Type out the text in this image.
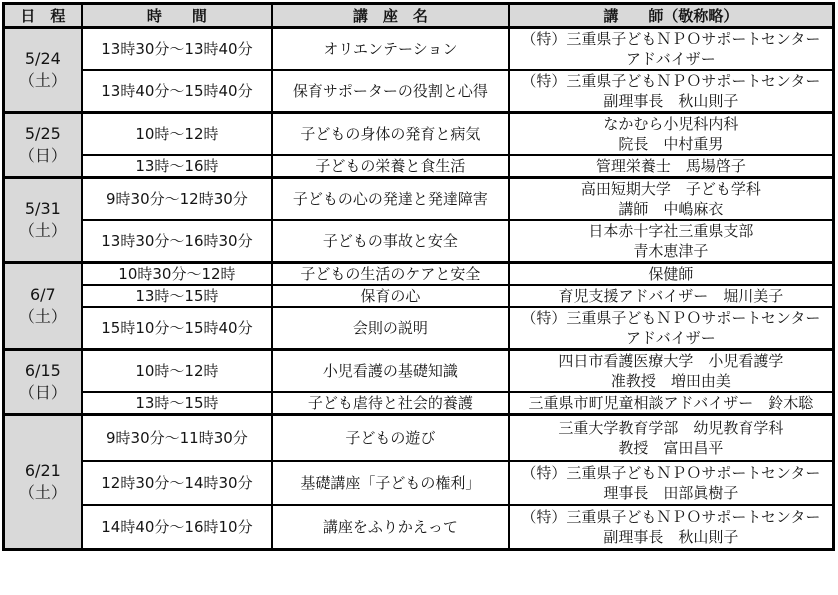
日　程	時　　間	講　座　名	講　　師（敬称略）
5/24 （土）	13時30分～13時40分	オリエンテーション	（特）三重県子どもＮＰＯサポートセンター
アドバイザー

	13時40分～15時40分	保育サポーターの役割と心得	（特）三重県子どもＮＰＯサポートセンター
副理事長　秋山則子

5/25 （日）	10時～12時	子どもの身体の発育と病気	なかむら小児科内科
院長　中村重男

	13時～16時	子どもの栄養と食生活	管理栄養士　馬場啓子

5/31 （土）	9時30分～12時30分	子どもの心の発達と発達障害	高田短期大学　子ども学科
講師　中嶋麻衣

	13時30分～16時30分	子どもの事故と安全	日本赤十字社三重県支部
青木恵津子

6/7 （土）	10時30分～12時	子どもの生活のケアと安全	保健師

	13時～15時	保育の心	育児支援アドバイザー　堀川美子

	15時10分～15時40分	会則の説明	（特）三重県子どもＮＰＯサポートセンター
アドバイザー

6/15 （日）	10時～12時	小児看護の基礎知識	四日市看護医療大学　小児看護学
准教授　増田由美

	13時～15時	子ども虐待と社会的養護	三重県市町児童相談アドバイザー　鈴木聡

6/21 （土）	9時30分～11時30分	子どもの遊び	三重大学教育学部　幼児教育学科
教授　富田昌平

	12時30分～14時30分	基礎講座「子どもの権利」	（特）三重県子どもＮＰＯサポートセンター
理事長　田部眞樹子

	14時40分～16時10分	講座をふりかえって	（特）三重県子どもＮＰＯサポートセンター
副理事長　秋山則子
